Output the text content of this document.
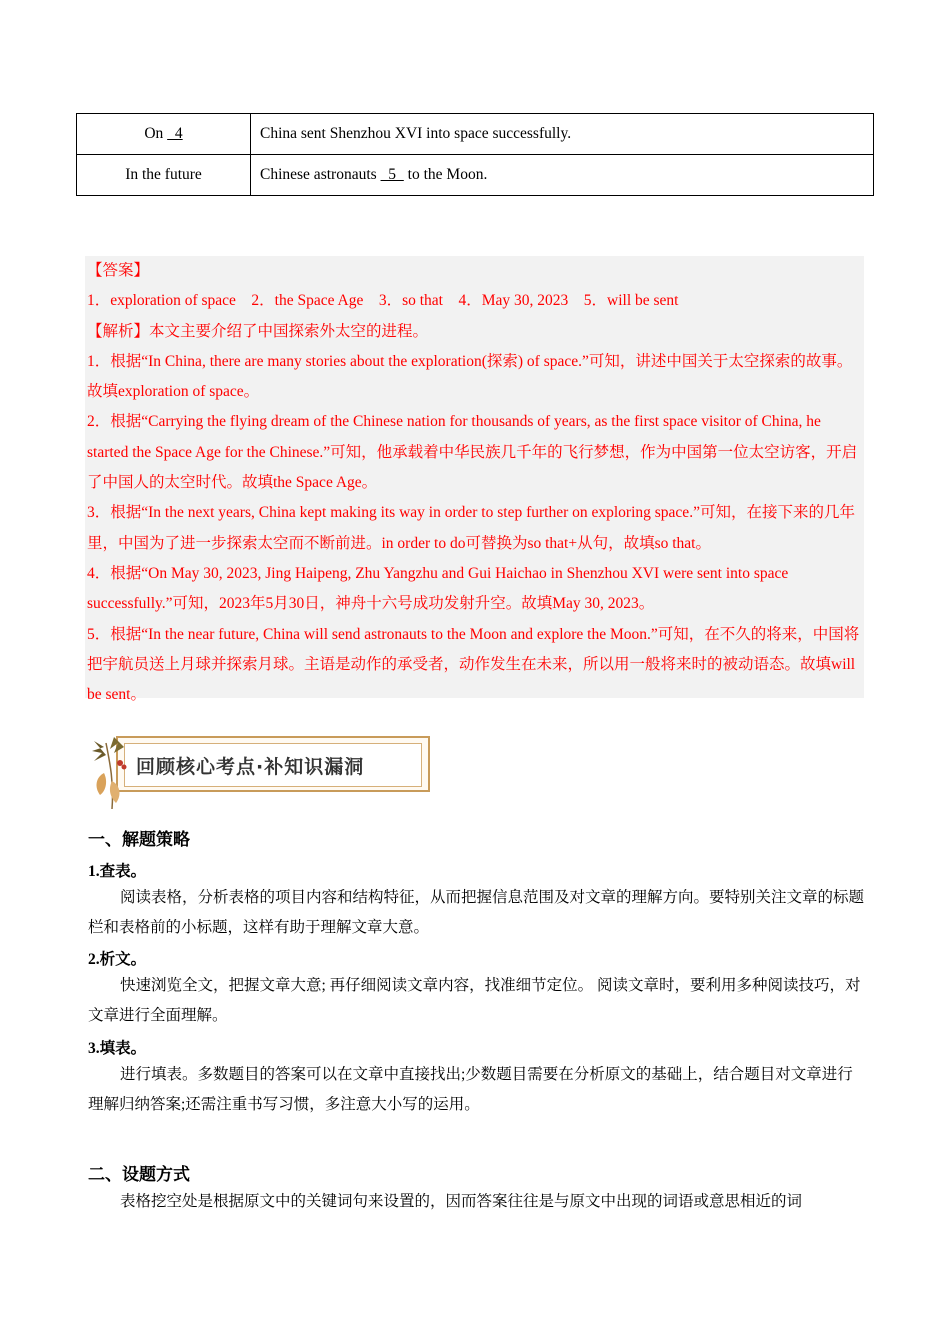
On   4	China sent Shenzhou XVI into space successfully.
In the future	Chinese astronauts   5   to the Moon.

【答案】

1．exploration of space　2．the Space Age　3．so that　4．May 30, 2023　5．will be sent

【解析】本文主要介绍了中国探索外太空的进程。

1．根据“In China, there are many stories about the exploration(探索) of space.”可知，讲述中国关于太空探索的故事。故填exploration of space。

2．根据“Carrying the flying dream of the Chinese nation for thousands of years, as the first space visitor of China, he started the Space Age for the Chinese.”可知，他承载着中华民族几千年的飞行梦想，作为中国第一位太空访客，开启了中国人的太空时代。故填the Space Age。

3．根据“In the next years, China kept making its way in order to step further on exploring space.”可知，在接下来的几年里，中国为了进一步探索太空而不断前进。in order to do可替换为so that+从句，故填so that。

4．根据“On May 30, 2023, Jing Haipeng, Zhu Yangzhu and Gui Haichao in Shenzhou XVI were sent into space successfully.”可知，2023年5月30日，神舟十六号成功发射升空。故填May 30, 2023。

5．根据“In the near future, China will send astronauts to the Moon and explore the Moon.”可知，在不久的将来，中国将把宇航员送上月球并探索月球。主语是动作的承受者，动作发生在未来，所以用一般将来时的被动语态。故填will be sent。

回顾核心考点·补知识漏洞
一、解题策略
1.查表。

阅读表格，分析表格的项目内容和结构特征，从而把握信息范围及对文章的理解方向。要特别关注文章的标题栏和表格前的小标题，这样有助于理解文章大意。

2.析文。

快速浏览全文，把握文章大意; 再仔细阅读文章内容，找准细节定位。 阅读文章时，要利用多种阅读技巧，对文章进行全面理解。

3.填表。

进行填表。多数题目的答案可以在文章中直接找出;少数题目需要在分析原文的基础上，结合题目对文章进行理解归纳答案;还需注重书写习惯，多注意大小写的运用。

二、设题方式

表格挖空处是根据原文中的关键词句来设置的，因而答案往往是与原文中出现的词语或意思相近的词
